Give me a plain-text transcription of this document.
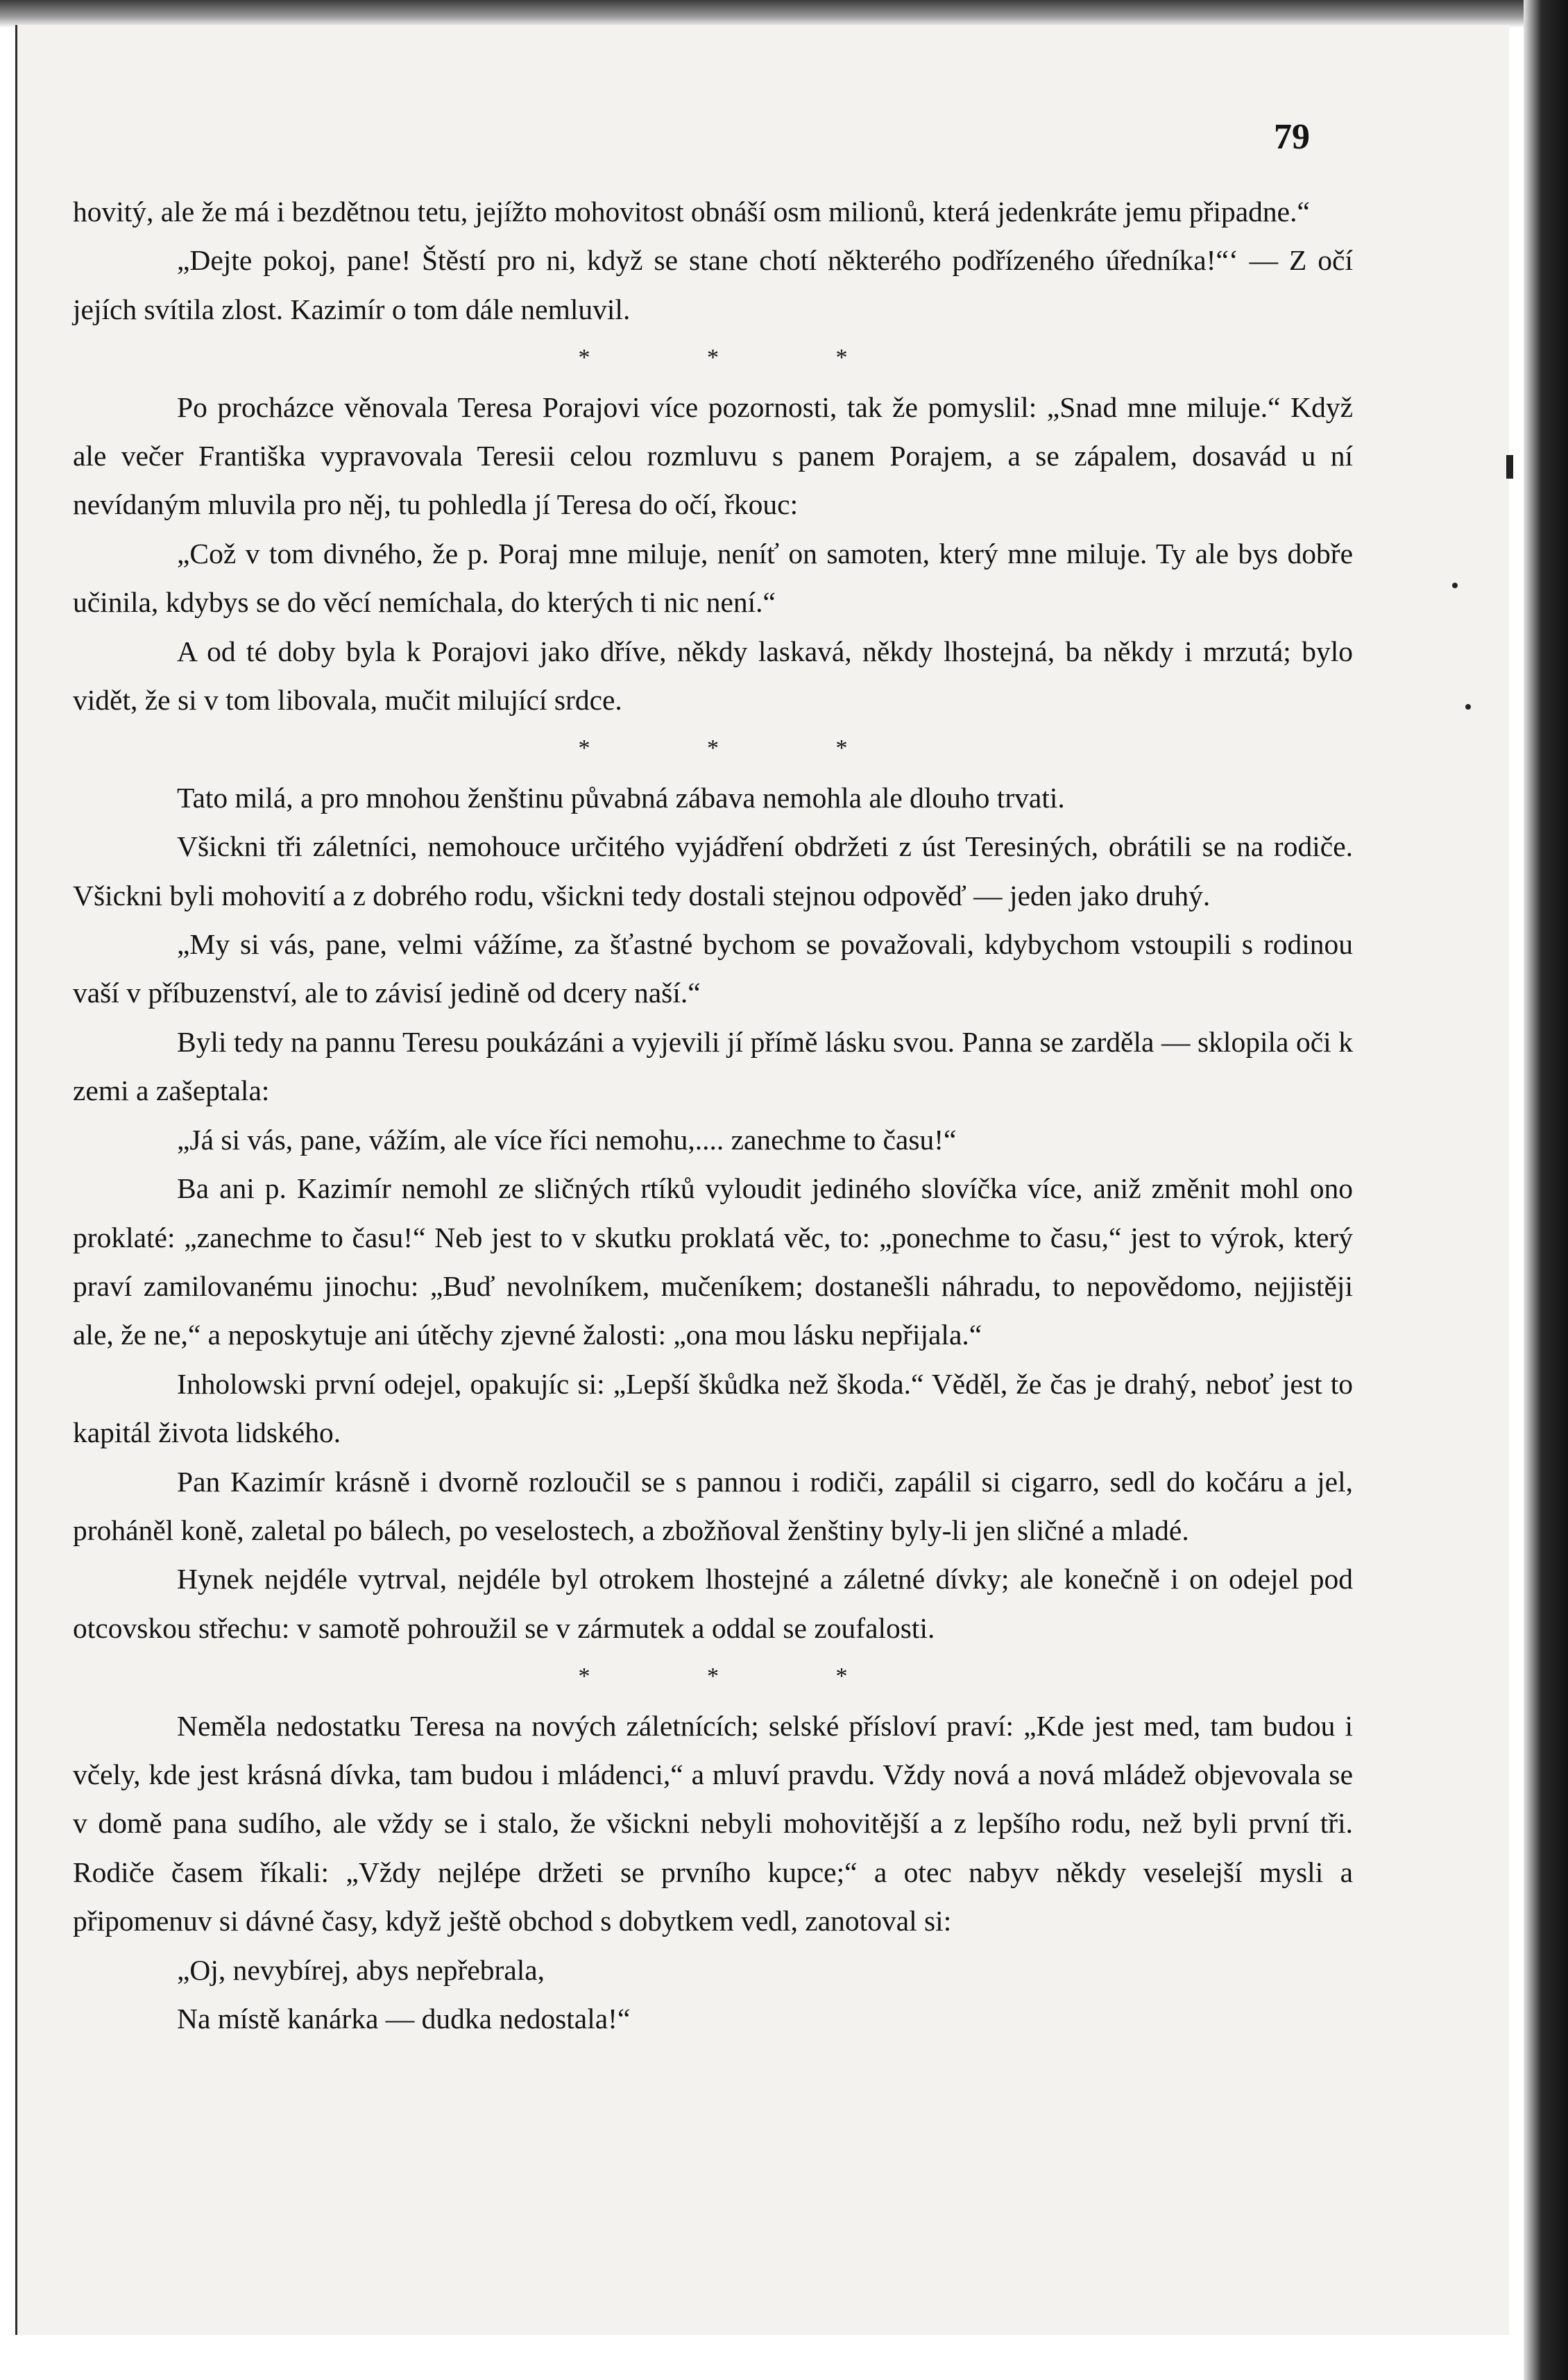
79

hovitý, ale že má i bezdětnou tetu, jejížto mohovitost obnáší osm milionů, která jedenkráte jemu připadne.“

„Dejte pokoj, pane! Štěstí pro ni, když se stane chotí některého podřízeného úředníka!“‘ — Z očí jejích svítila zlost. Kazimír o tom dále nemluvil.

* * *

Po procházce věnovala Teresa Porajovi více pozornosti, tak že pomyslil: „Snad mne miluje.“ Když ale večer Františka vypravovala Teresii celou rozmluvu s panem Porajem, a se zápalem, dosavád u ní nevídaným mluvila pro něj, tu pohledla jí Teresa do očí, řkouc:

„Což v tom divného, že p. Poraj mne miluje, neníť on samoten, který mne miluje. Ty ale bys dobře učinila, kdybys se do věcí nemíchala, do kterých ti nic není.“

A od té doby byla k Porajovi jako dříve, někdy laskavá, někdy lhostejná, ba někdy i mrzutá; bylo vidět, že si v tom libovala, mučit milující srdce.

* * *

Tato milá, a pro mnohou ženštinu půvabná zábava nemohla ale dlouho trvati.

Všickni tři záletníci, nemohouce určitého vyjádření obdržeti z úst Teresiných, obrátili se na rodiče. Všickni byli mohovití a z dobrého rodu, všickni tedy dostali stejnou odpověď — jeden jako druhý.

„My si vás, pane, velmi vážíme, za šťastné bychom se považovali, kdybychom vstoupili s rodinou vaší v příbuzenství, ale to závisí jedině od dcery naší.“

Byli tedy na pannu Teresu poukázáni a vyjevili jí přímě lásku svou. Panna se zarděla — sklopila oči k zemi a zašeptala:

„Já si vás, pane, vážím, ale více říci nemohu,.... zanechme to času!“

Ba ani p. Kazimír nemohl ze sličných rtíků vyloudit jediného slovíčka více, aniž změnit mohl ono proklaté: „zanechme to času!“ Neb jest to v skutku proklatá věc, to: „ponechme to času,“ jest to výrok, který praví zamilovanému jinochu: „Buď nevolníkem, mučeníkem; dostanešli náhradu, to nepovědomo, nejjistěji ale, že ne,“ a neposkytuje ani útěchy zjevné žalosti: „ona mou lásku nepřijala.“

Inholowski první odejel, opakujíc si: „Lepší škůdka než škoda.“ Věděl, že čas je drahý, neboť jest to kapitál života lidského.

Pan Kazimír krásně i dvorně rozloučil se s pannou i rodiči, zapálil si cigarro, sedl do kočáru a jel, proháněl koně, zaletal po bálech, po veselostech, a zbožňoval ženštiny byly-li jen sličné a mladé.

Hynek nejdéle vytrval, nejdéle byl otrokem lhostejné a záletné dívky; ale konečně i on odejel pod otcovskou střechu: v samotě pohroužil se v zármutek a oddal se zoufalosti.

* * *

Neměla nedostatku Teresa na nových záletnících; selské přísloví praví: „Kde jest med, tam budou i včely, kde jest krásná dívka, tam budou i mládenci,“ a mluví pravdu. Vždy nová a nová mládež objevovala se v domě pana sudího, ale vždy se i stalo, že všickni nebyli mohovitější a z lepšího rodu, než byli první tři. Rodiče časem říkali: „Vždy nejlépe držeti se prvního kupce;“ a otec nabyv někdy veselejší mysli a připomenuv si dávné časy, když ještě obchod s dobytkem vedl, zanotoval si:

„Oj, nevybírej, abys nepřebrala,

Na místě kanárka — dudka nedostala!“
